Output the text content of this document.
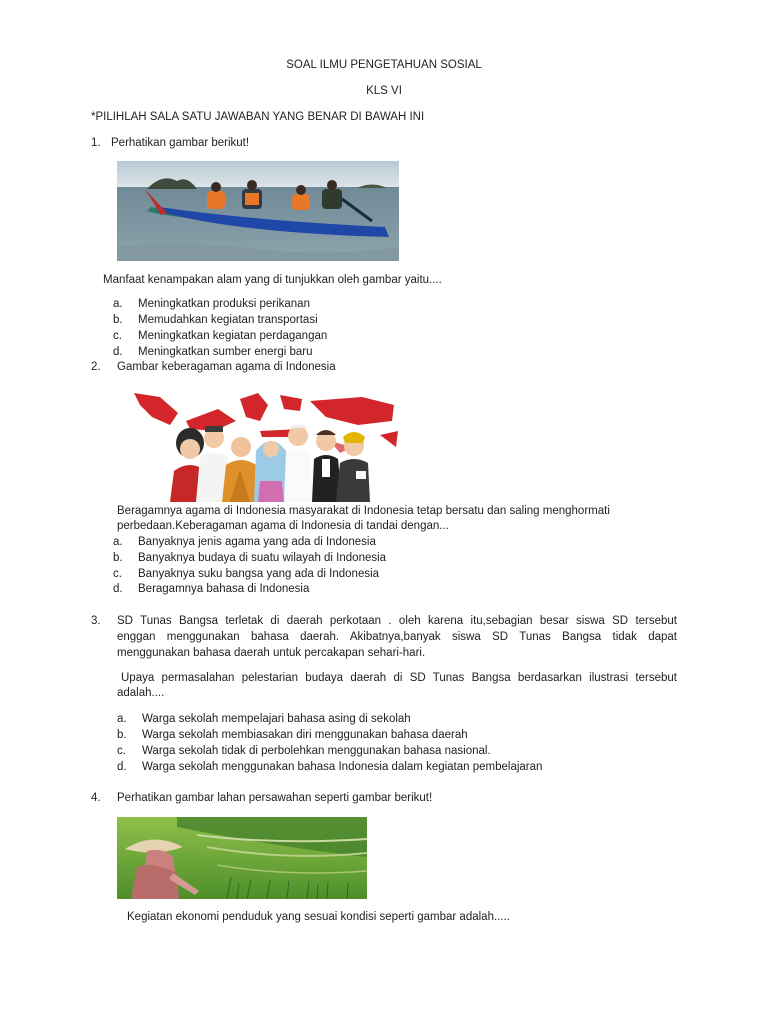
SOAL ILMU PENGETAHUAN SOSIAL
KLS VI
*PILIHLAH SALA SATU JAWABAN YANG BENAR DI BAWAH INI
1. Perhatikan gambar berikut!
Manfaat kenampakan alam yang di tunjukkan oleh gambar yaitu....
a. Meningkatkan produksi perikanan
b. Memudahkan kegiatan transportasi
c. Meningkatkan kegiatan perdagangan
d. Meningkatkan sumber energi baru
2. Gambar keberagaman agama di Indonesia
Beragamnya agama di Indonesia masyarakat di Indonesia tetap bersatu dan saling menghormati
perbedaan.Keberagaman agama di Indonesia di tandai dengan...
a. Banyaknya jenis agama yang ada di Indonesia
b. Banyaknya budaya di suatu wilayah di Indonesia
c. Banyaknya suku bangsa yang ada di Indonesia
d. Beragamnya bahasa di Indonesia
3. SD Tunas Bangsa terletak di daerah perkotaan . oleh karena itu,sebagian besar siswa SD tersebut
enggan menggunakan bahasa daerah. Akibatnya,banyak siswa SD Tunas Bangsa tidak dapat
menggunakan bahasa daerah untuk percakapan sehari-hari.
Upaya permasalahan pelestarian budaya daerah di SD Tunas Bangsa berdasarkan ilustrasi tersebut
adalah....
a. Warga sekolah mempelajari bahasa asing di sekolah
b. Warga sekolah membiasakan diri menggunakan bahasa daerah
c. Warga sekolah tidak di perbolehkan menggunakan bahasa nasional.
d. Warga sekolah menggunakan bahasa Indonesia dalam kegiatan pembelajaran
4. Perhatikan gambar lahan persawahan seperti gambar berikut!
Kegiatan ekonomi penduduk yang sesuai kondisi seperti gambar adalah.....
